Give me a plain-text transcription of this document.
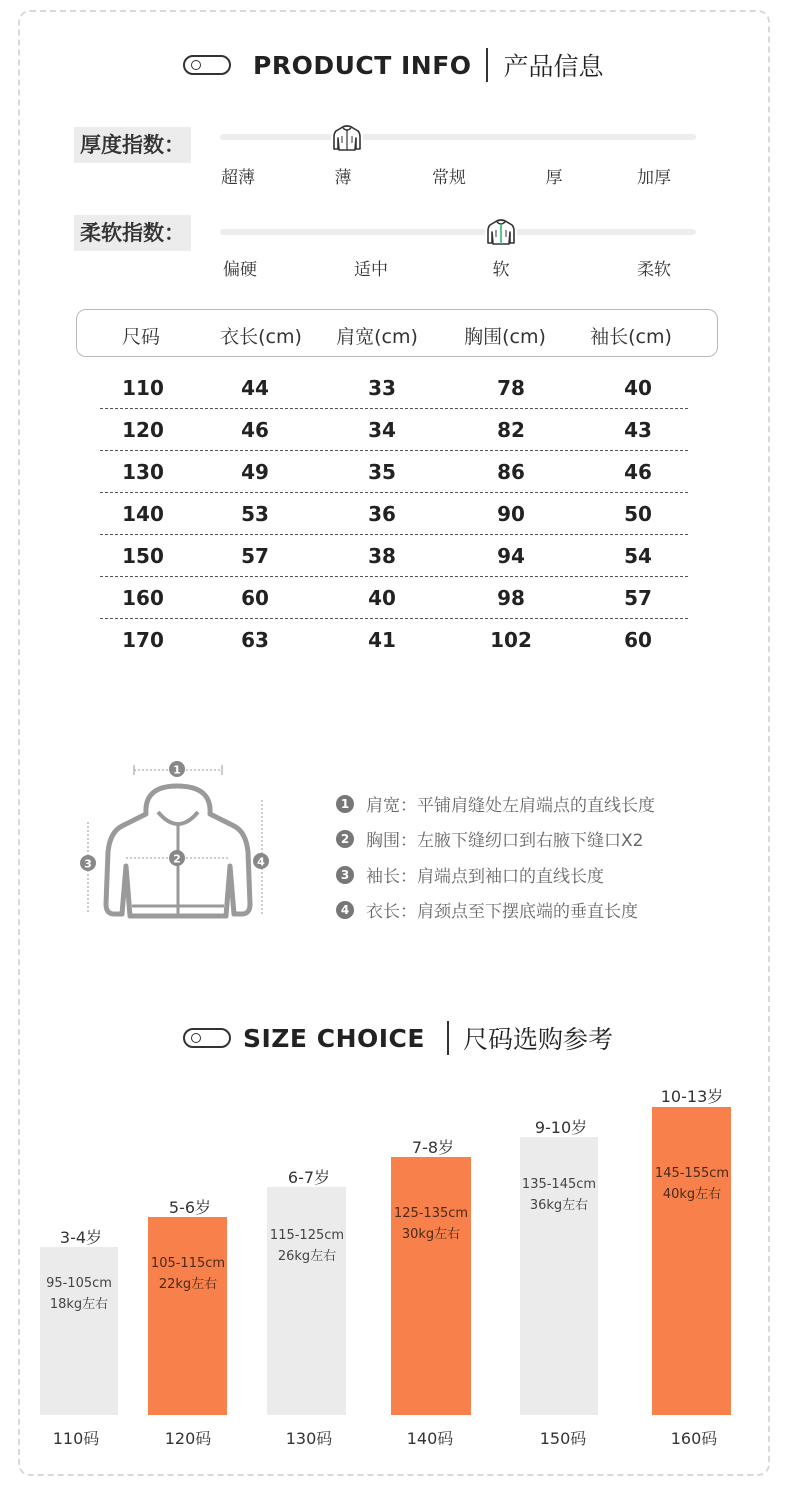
PRODUCT INFO 产品信息
厚度指数：
超薄	薄	常规	厚	加厚
柔软指数：
偏硬	适中	软	柔软
尺码	衣长(cm)	肩宽(cm)	胸围(cm)	袖长(cm)
110	44	33	78	40
120	46	34	82	43
130	49	35	86	46
140	53	36	90	50
150	57	38	94	54
160	60	40	98	57
170	63	41	102	60
1
2
3	4
1 肩宽： 平铺肩缝处左肩端点的直线长度
2 胸围： 左腋下缝纫口到右腋下缝口X2
3 袖长： 肩端点到袖口的直线长度
4 衣长： 肩颈点至下摆底端的垂直长度
SIZE CHOICE 尺码选购参考
3-4岁
95-105cm
18kg左右
110码
5-6岁
105-115cm
22kg左右
120码
6-7岁
115-125cm
26kg左右
130码
7-8岁
125-135cm
30kg左右
140码
9-10岁
135-145cm
36kg左右
150码
10-13岁
145-155cm
40kg左右
160码
